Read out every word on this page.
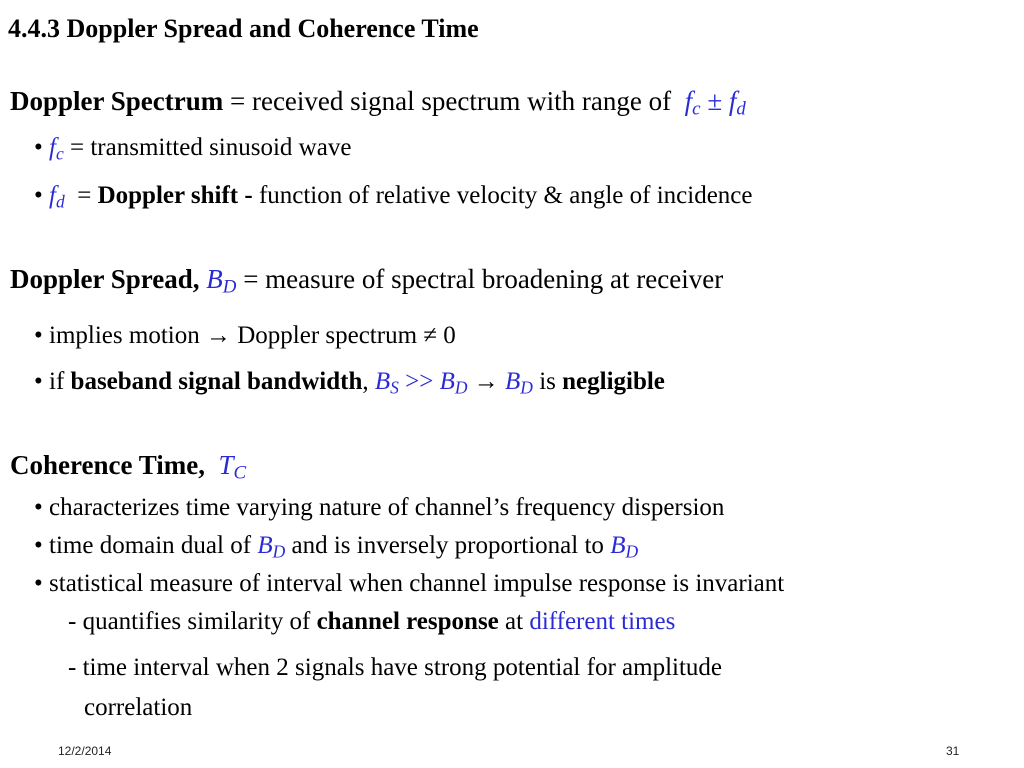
4.4.3 Doppler Spread and Coherence Time
Doppler Spectrum = received signal spectrum with range of $f_c \pm f_d$
• $f_c$ = transmitted sinusoid wave
• $f_d$ = Doppler shift - function of relative velocity & angle of incidence
Doppler Spread, $B_D$ = measure of spectral broadening at receiver
• implies motion → Doppler spectrum ≠ 0
• if baseband signal bandwidth, $B_S >> B_D \to B_D$ is negligible
Coherence Time, $T_C$
• characterizes time varying nature of channel’s frequency dispersion
• time domain dual of $B_D$ and is inversely proportional to $B_D$
• statistical measure of interval when channel impulse response is invariant
- quantifies similarity of channel response at different times
- time interval when 2 signals have strong potential for amplitude
correlation
12/2/2014	31
